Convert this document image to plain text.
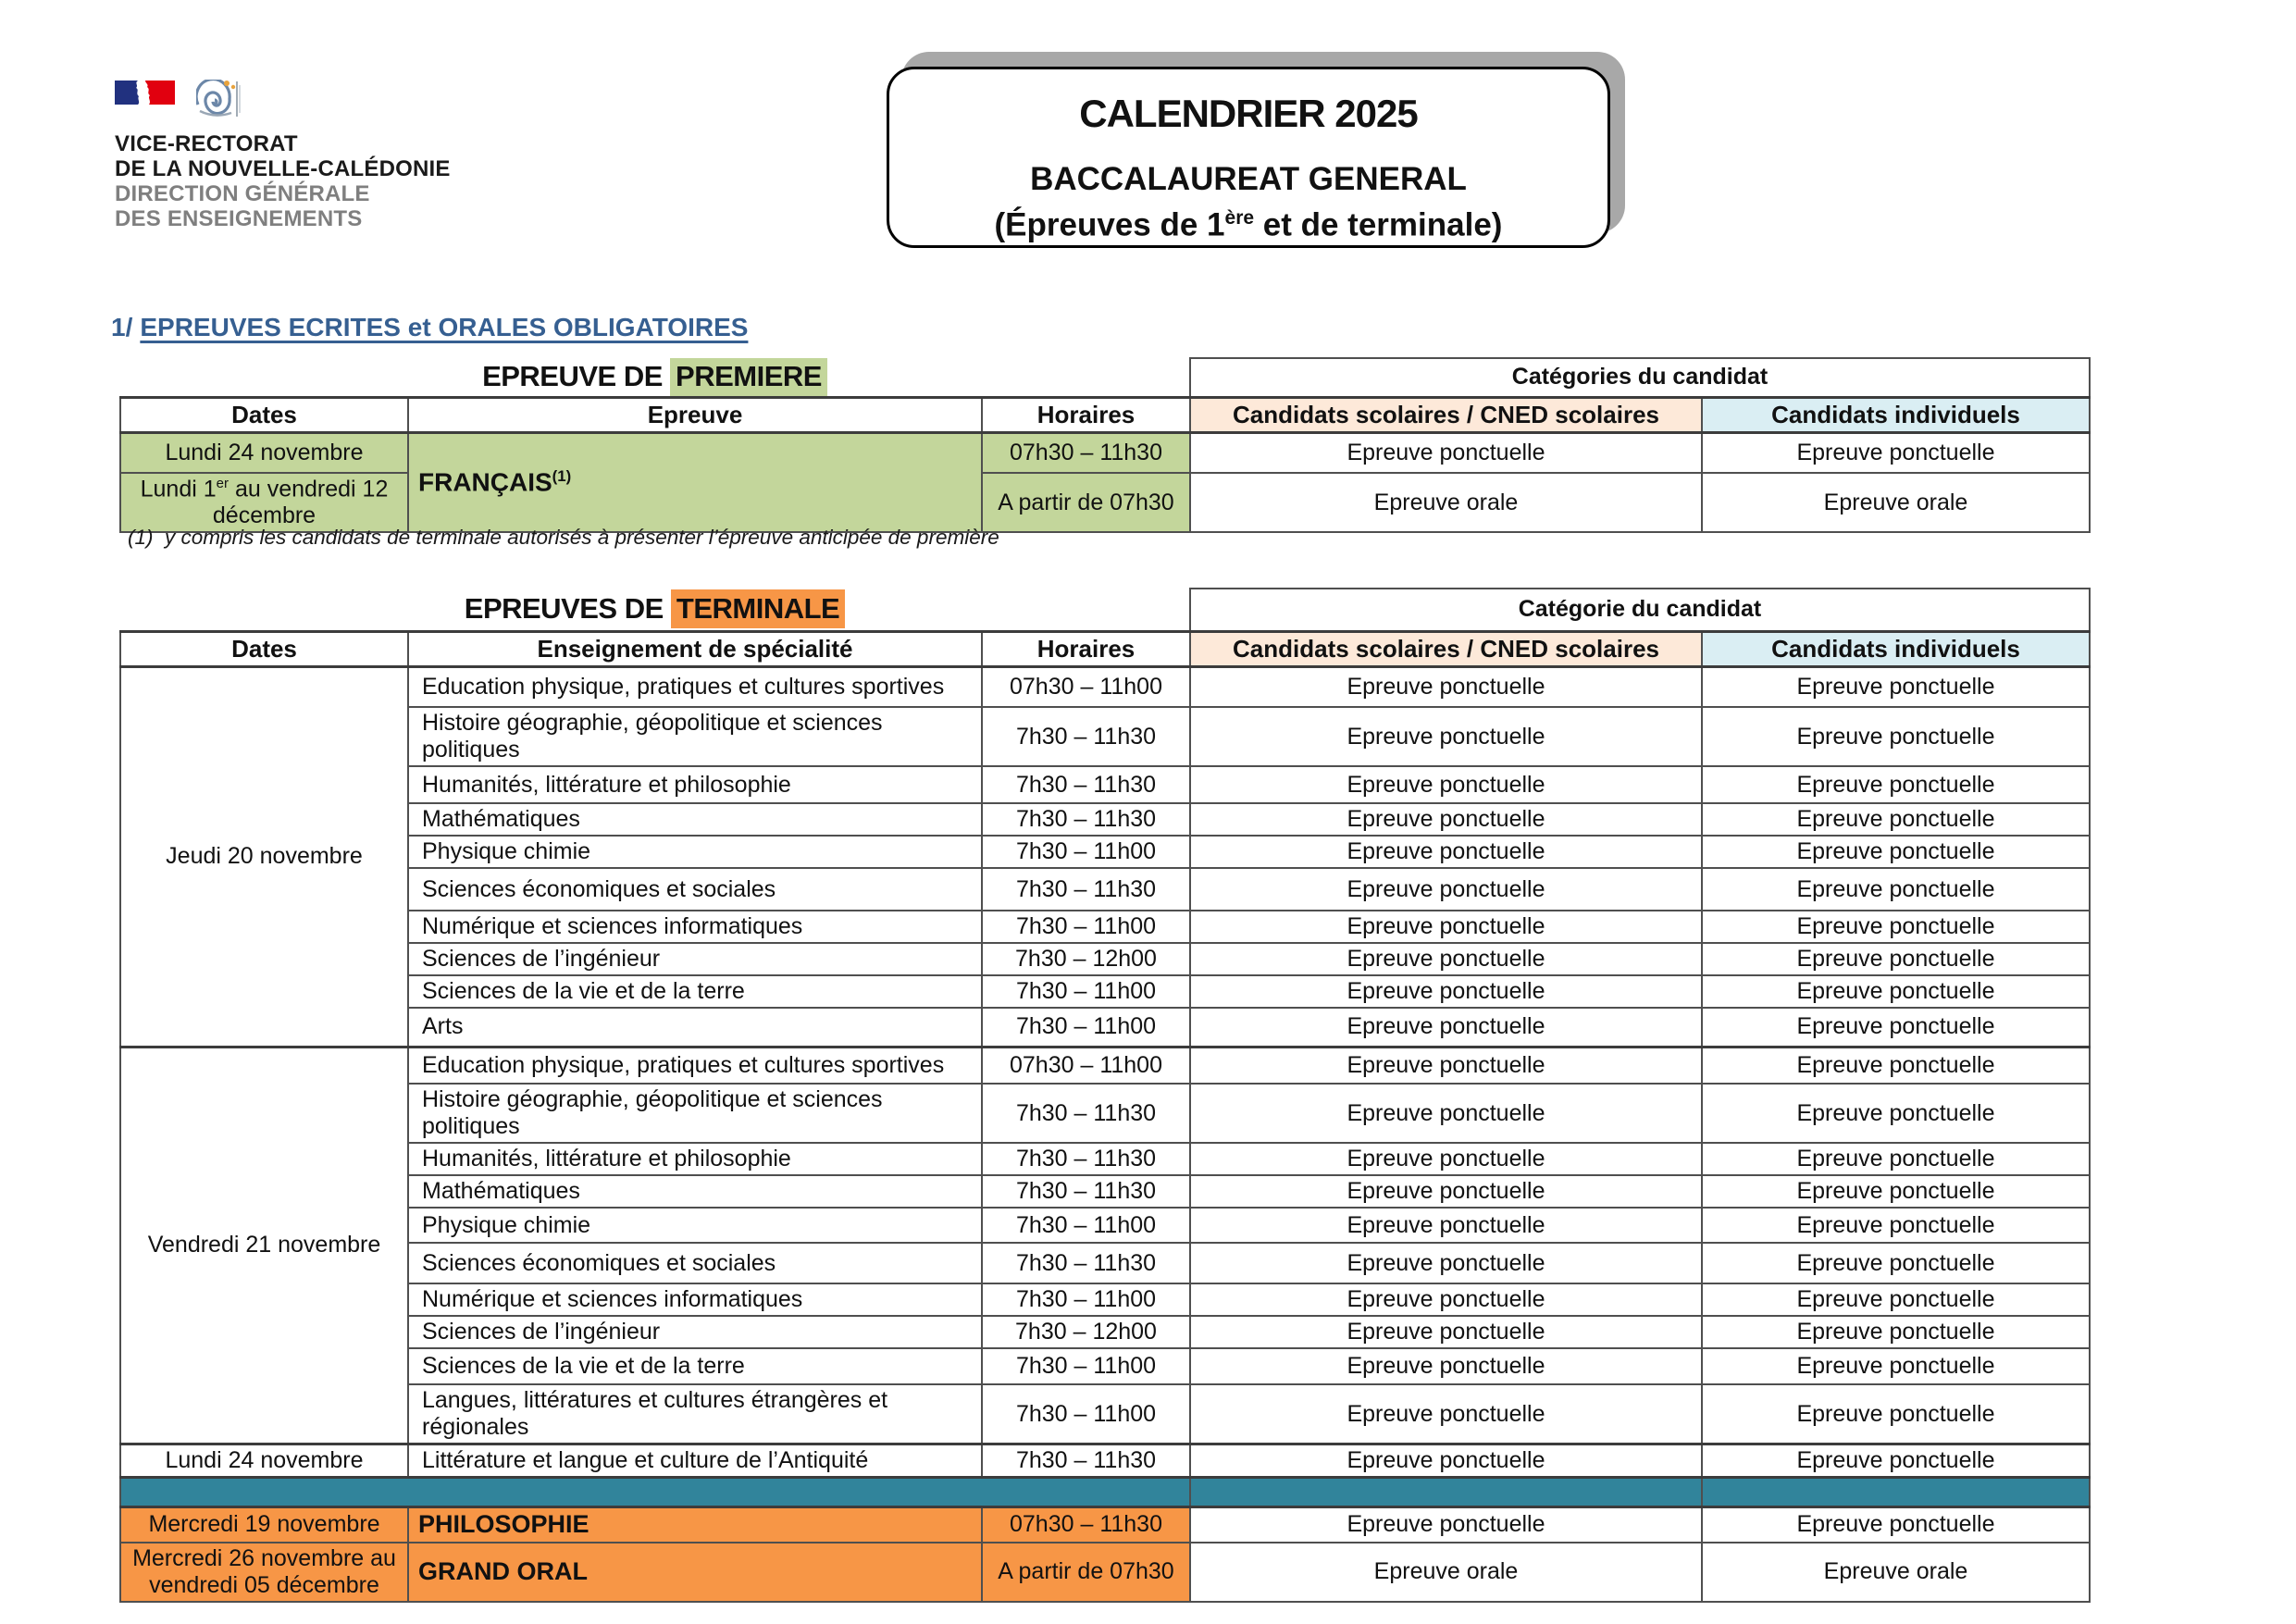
VICE-RECTORAT
DE LA NOUVELLE-CALÉDONIE
DIRECTION GÉNÉRALE
DES ENSEIGNEMENTS
CALENDRIER 2025
BACCALAUREAT GENERAL
(Épreuves de 1ère et de terminale)
1/ EPREUVES ECRITES et ORALES OBLIGATOIRES
EPREUVE DE PREMIERE			Catégories du candidat	
Dates	Epreuve	Horaires	Candidats scolaires / CNED scolaires	Candidats individuels
Lundi 24 novembre	FRANÇAIS$^{(1)}$	07h30 – 11h30	Epreuve ponctuelle	Epreuve ponctuelle
Lundi 1er au vendredi 12 décembre		A partir de 07h30	Epreuve orale	Epreuve orale
(1)  y compris les candidats de terminale autorisés à présenter l’épreuve anticipée de première
EPREUVES DE TERMINALE			Catégorie du candidat	
Dates	Enseignement de spécialité	Horaires	Candidats scolaires / CNED scolaires	Candidats individuels
Jeudi 20 novembre	Education physique, pratiques et cultures sportives	07h30 – 11h00	Epreuve ponctuelle	Epreuve ponctuelle
	Histoire géographie, géopolitique et sciences politiques	7h30 – 11h30	Epreuve ponctuelle	Epreuve ponctuelle
	Humanités, littérature et philosophie	7h30 – 11h30	Epreuve ponctuelle	Epreuve ponctuelle
	Mathématiques	7h30 – 11h30	Epreuve ponctuelle	Epreuve ponctuelle
	Physique chimie	7h30 – 11h00	Epreuve ponctuelle	Epreuve ponctuelle
	Sciences économiques et sociales	7h30 – 11h30	Epreuve ponctuelle	Epreuve ponctuelle
	Numérique et sciences informatiques	7h30 – 11h00	Epreuve ponctuelle	Epreuve ponctuelle
	Sciences de l’ingénieur	7h30 – 12h00	Epreuve ponctuelle	Epreuve ponctuelle
	Sciences de la vie et de la terre	7h30 – 11h00	Epreuve ponctuelle	Epreuve ponctuelle
	Arts	7h30 – 11h00	Epreuve ponctuelle	Epreuve ponctuelle
Vendredi 21 novembre	Education physique, pratiques et cultures sportives	07h30 – 11h00	Epreuve ponctuelle	Epreuve ponctuelle
	Histoire géographie, géopolitique et sciences politiques	7h30 – 11h30	Epreuve ponctuelle	Epreuve ponctuelle
	Humanités, littérature et philosophie	7h30 – 11h30	Epreuve ponctuelle	Epreuve ponctuelle
	Mathématiques	7h30 – 11h30	Epreuve ponctuelle	Epreuve ponctuelle
	Physique chimie	7h30 – 11h00	Epreuve ponctuelle	Epreuve ponctuelle
	Sciences économiques et sociales	7h30 – 11h30	Epreuve ponctuelle	Epreuve ponctuelle
	Numérique et sciences informatiques	7h30 – 11h00	Epreuve ponctuelle	Epreuve ponctuelle
	Sciences de l’ingénieur	7h30 – 12h00	Epreuve ponctuelle	Epreuve ponctuelle
	Sciences de la vie et de la terre	7h30 – 11h00	Epreuve ponctuelle	Epreuve ponctuelle
	Langues, littératures et cultures étrangères et régionales	7h30 – 11h00	Epreuve ponctuelle	Epreuve ponctuelle
Lundi 24 novembre	Littérature et langue et culture de l’Antiquité	7h30 – 11h30	Epreuve ponctuelle	Epreuve ponctuelle

Mercredi 19 novembre	PHILOSOPHIE	07h30 – 11h30	Epreuve ponctuelle	Epreuve ponctuelle
Mercredi 26 novembre au vendredi 05 décembre	GRAND ORAL	A partir de 07h30	Epreuve orale	Epreuve orale
